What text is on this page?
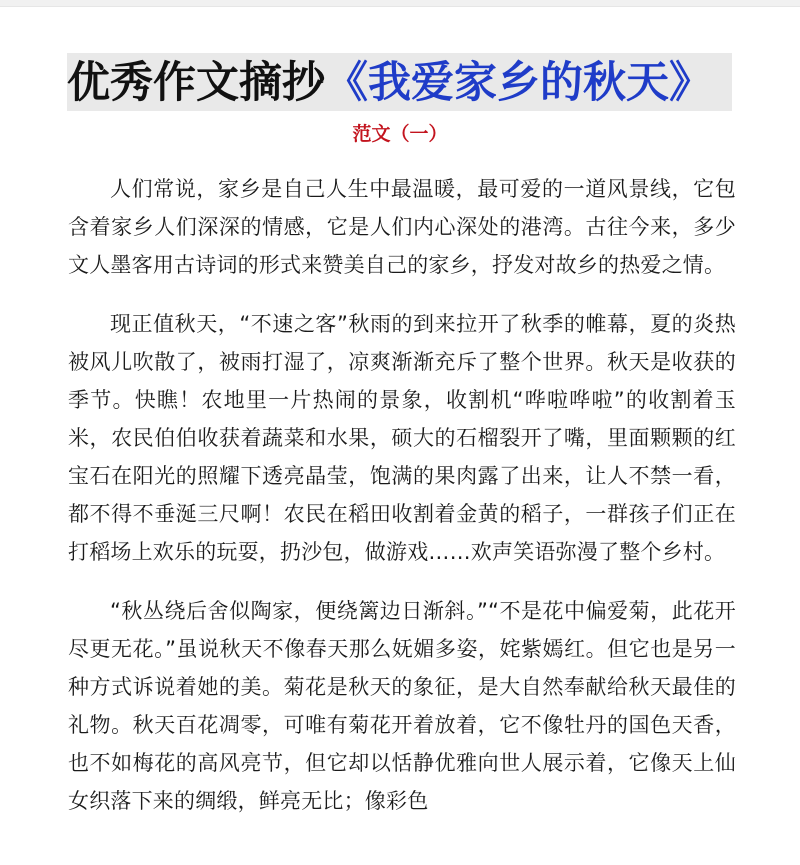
优秀作文摘抄《我爱家乡的秋天》
范文（一）

人们常说，家乡是自己人生中最温暖，最可爱的一道风景线，它包含着家乡人们深深的情感，它是人们内心深处的港湾。古往今来，多少文人墨客用古诗词的形式来赞美自己的家乡，抒发对故乡的热爱之情。

现正值秋天，“不速之客”秋雨的到来拉开了秋季的帷幕，夏的炎热被风儿吹散了，被雨打湿了，凉爽渐渐充斥了整个世界。秋天是收获的季节。快瞧！农地里一片热闹的景象，收割机“哗啦哗啦”的收割着玉米，农民伯伯收获着蔬菜和水果，硕大的石榴裂开了嘴，里面颗颗的红宝石在阳光的照耀下透亮晶莹，饱满的果肉露了出来，让人不禁一看，都不得不垂涎三尺啊！农民在稻田收割着金黄的稻子，一群孩子们正在打稻场上欢乐的玩耍，扔沙包，做游戏……欢声笑语弥漫了整个乡村。

“秋丛绕后舍似陶家，便绕篱边日渐斜。”“不是花中偏爱菊，此花开尽更无花。”虽说秋天不像春天那么妩媚多姿，姹紫嫣红。但它也是另一种方式诉说着她的美。菊花是秋天的象征，是大自然奉献给秋天最佳的礼物。秋天百花凋零，可唯有菊花开着放着，它不像牡丹的国色天香，也不如梅花的高风亮节，但它却以恬静优雅向世人展示着，它像天上仙女织落下来的绸缎，鲜亮无比；像彩色
